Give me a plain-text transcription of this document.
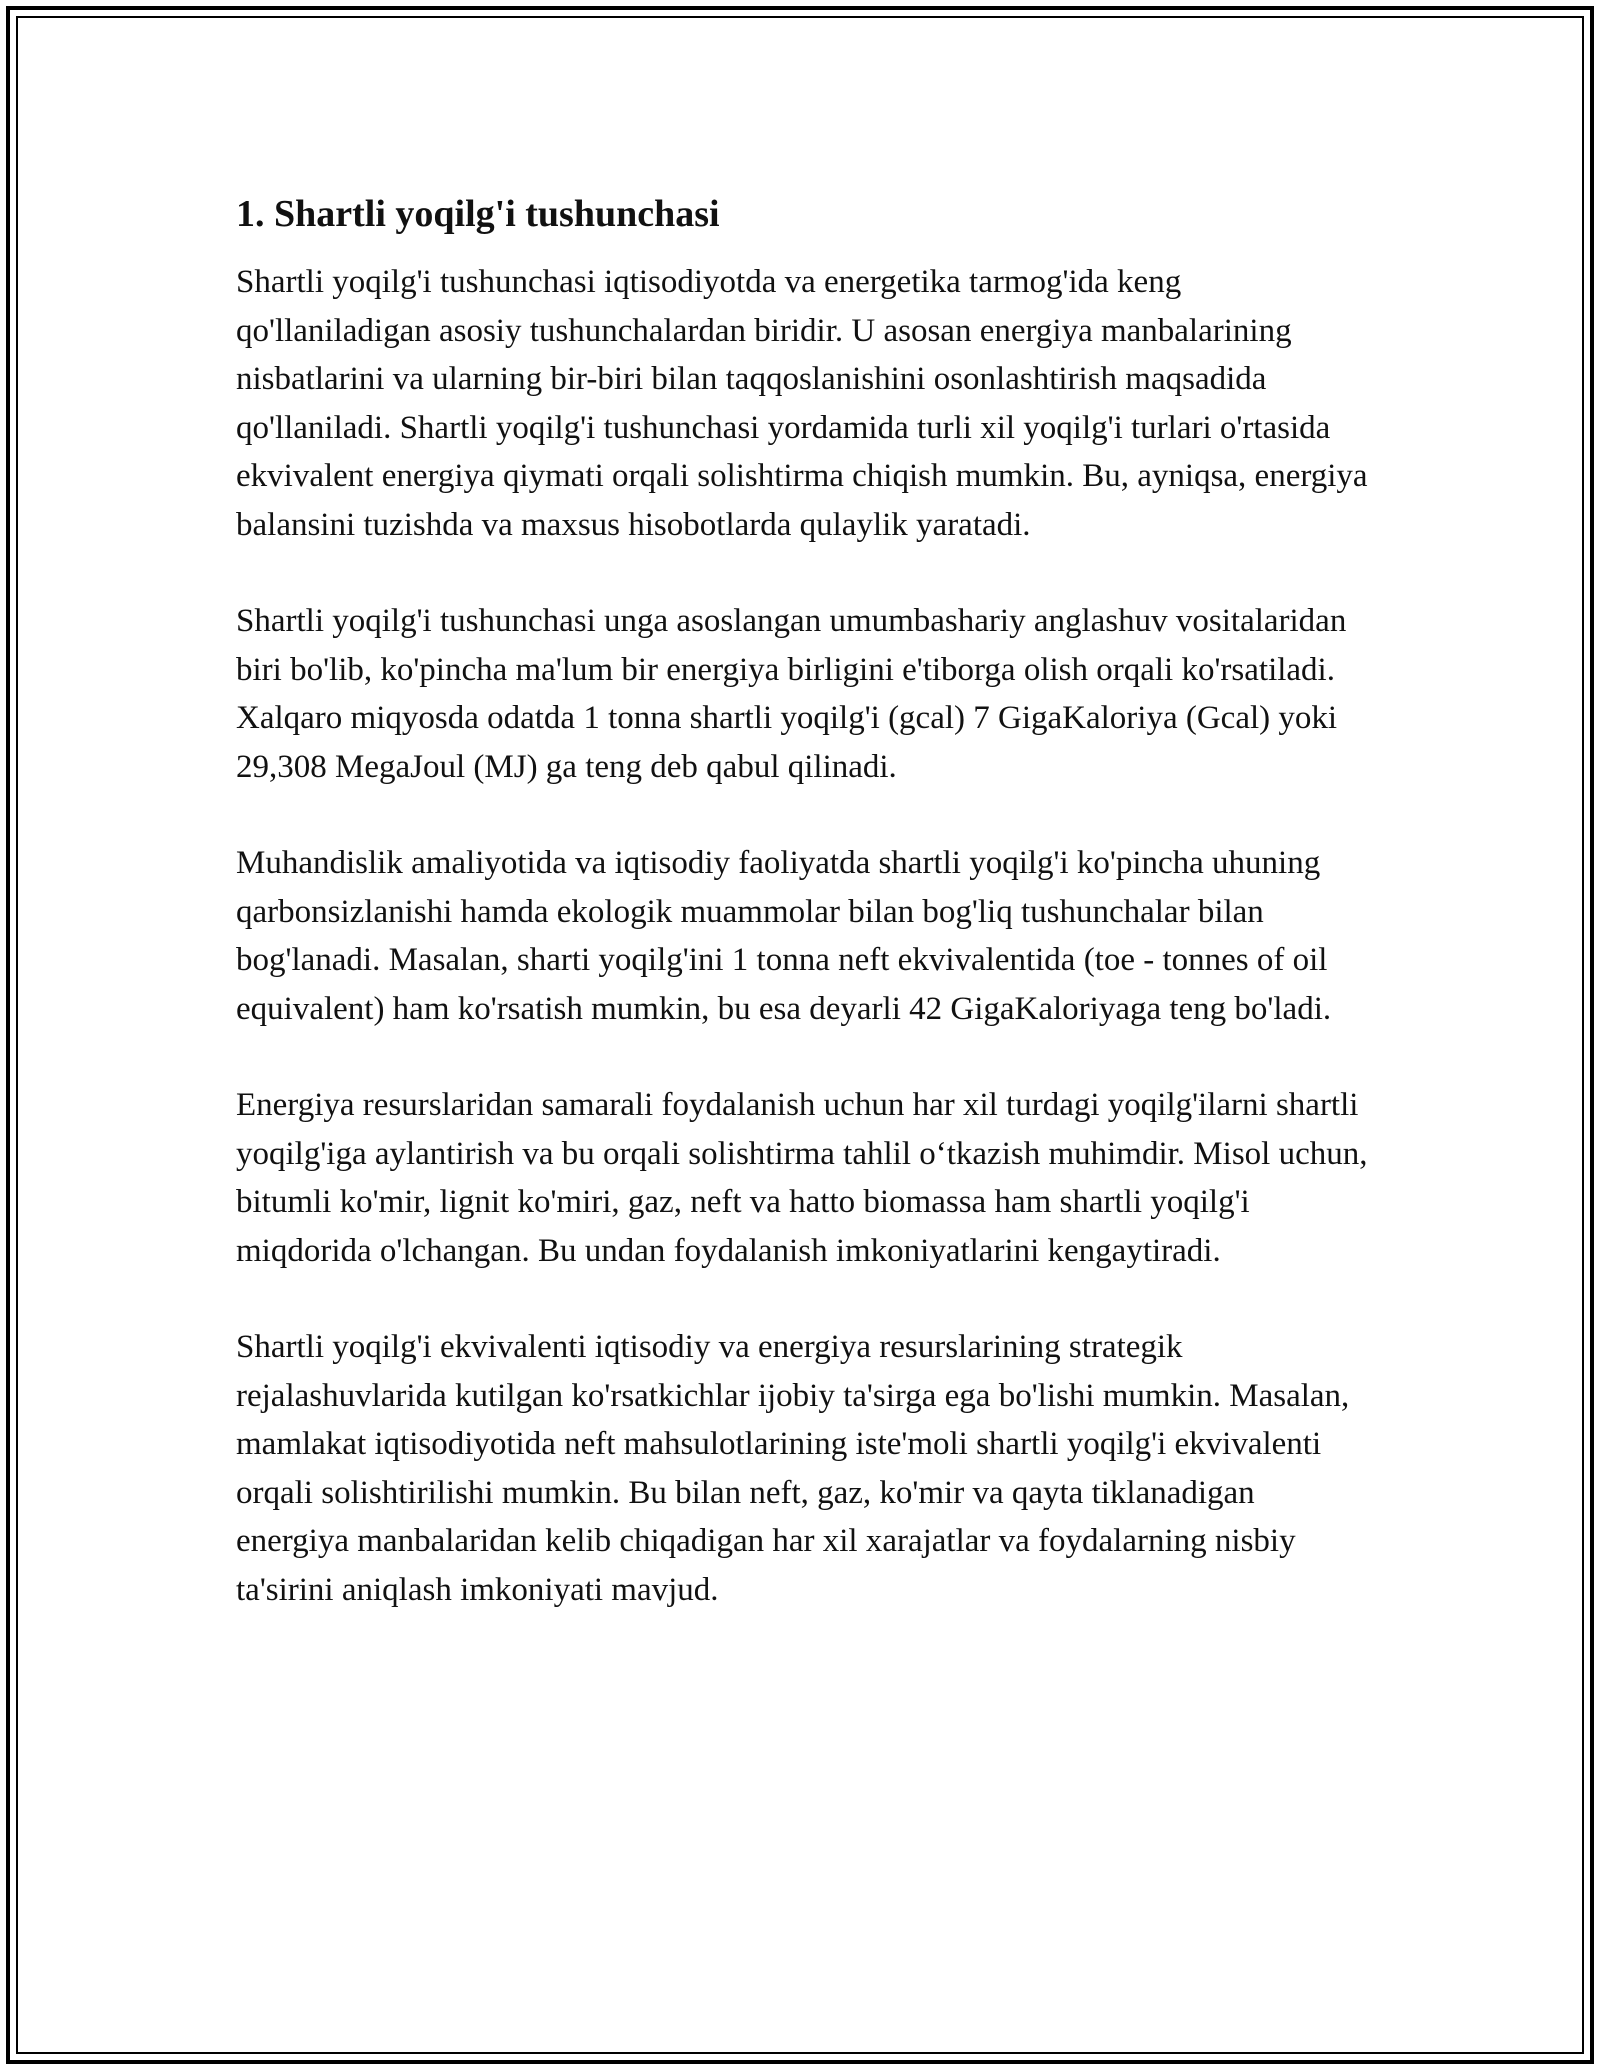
1. Shartli yoqilg'i tushunchasi

Shartli yoqilg'i tushunchasi iqtisodiyotda va energetika tarmog'ida keng qo'llaniladigan asosiy tushunchalardan biridir. U asosan energiya manbalarining nisbatlarini va ularning bir-biri bilan taqqoslanishini osonlashtirish maqsadida qo'llaniladi. Shartli yoqilg'i tushunchasi yordamida turli xil yoqilg'i turlari o'rtasida ekvivalent energiya qiymati orqali solishtirma chiqish mumkin. Bu, ayniqsa, energiya balansini tuzishda va maxsus hisobotlarda qulaylik yaratadi.

Shartli yoqilg'i tushunchasi unga asoslangan umumbashariy anglashuv vositalaridan biri bo'lib, ko'pincha ma'lum bir energiya birligini e'tiborga olish orqali ko'rsatiladi. Xalqaro miqyosda odatda 1 tonna shartli yoqilg'i (gcal) 7 GigaKaloriya (Gcal) yoki 29,308 MegaJoul (MJ) ga teng deb qabul qilinadi.

Muhandislik amaliyotida va iqtisodiy faoliyatda shartli yoqilg'i ko'pincha uhuning qarbonsizlanishi hamda ekologik muammolar bilan bog'liq tushunchalar bilan bog'lanadi. Masalan, sharti yoqilg'ini 1 tonna neft ekvivalentida (toe - tonnes of oil equivalent) ham ko'rsatish mumkin, bu esa deyarli 42 GigaKaloriyaga teng bo'ladi.

Energiya resurslaridan samarali foydalanish uchun har xil turdagi yoqilg'ilarni shartli yoqilg'iga aylantirish va bu orqali solishtirma tahlil o‘tkazish muhimdir. Misol uchun, bitumli ko'mir, lignit ko'miri, gaz, neft va hatto biomassa ham shartli yoqilg'i miqdorida o'lchangan. Bu undan foydalanish imkoniyatlarini kengaytiradi.

Shartli yoqilg'i ekvivalenti iqtisodiy va energiya resurslarining strategik rejalashuvlarida kutilgan ko'rsatkichlar ijobiy ta'sirga ega bo'lishi mumkin. Masalan, mamlakat iqtisodiyotida neft mahsulotlarining iste'moli shartli yoqilg'i ekvivalenti orqali solishtirilishi mumkin. Bu bilan neft, gaz, ko'mir va qayta tiklanadigan energiya manbalaridan kelib chiqadigan har xil xarajatlar va foydalarning nisbiy ta'sirini aniqlash imkoniyati mavjud.
